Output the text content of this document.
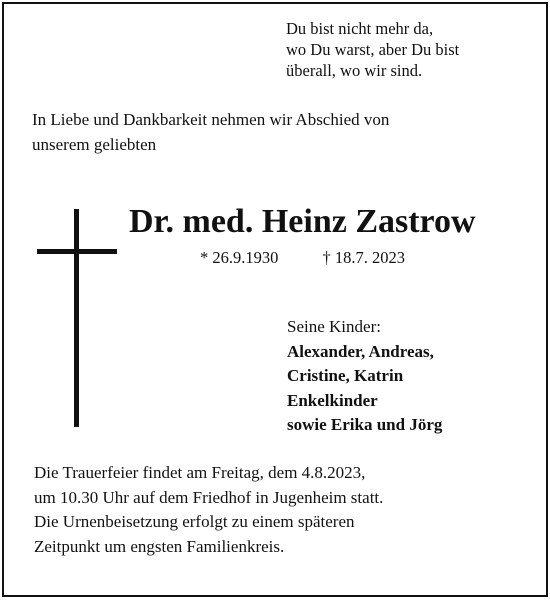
Du bist nicht mehr da,
wo Du warst, aber Du bist
überall, wo wir sind.

In Liebe und Dankbarkeit nehmen wir Abschied von
unserem geliebten

Dr. med. Heinz Zastrow
* 26.9.1930	† 18.7. 2023

Seine Kinder:
Alexander, Andreas,
Cristine, Katrin
Enkelkinder
sowie Erika und Jörg

Die Trauerfeier findet am Freitag, dem 4.8.2023,
um 10.30 Uhr auf dem Friedhof in Jugenheim statt.
Die Urnenbeisetzung erfolgt zu einem späteren
Zeitpunkt um engsten Familienkreis.
